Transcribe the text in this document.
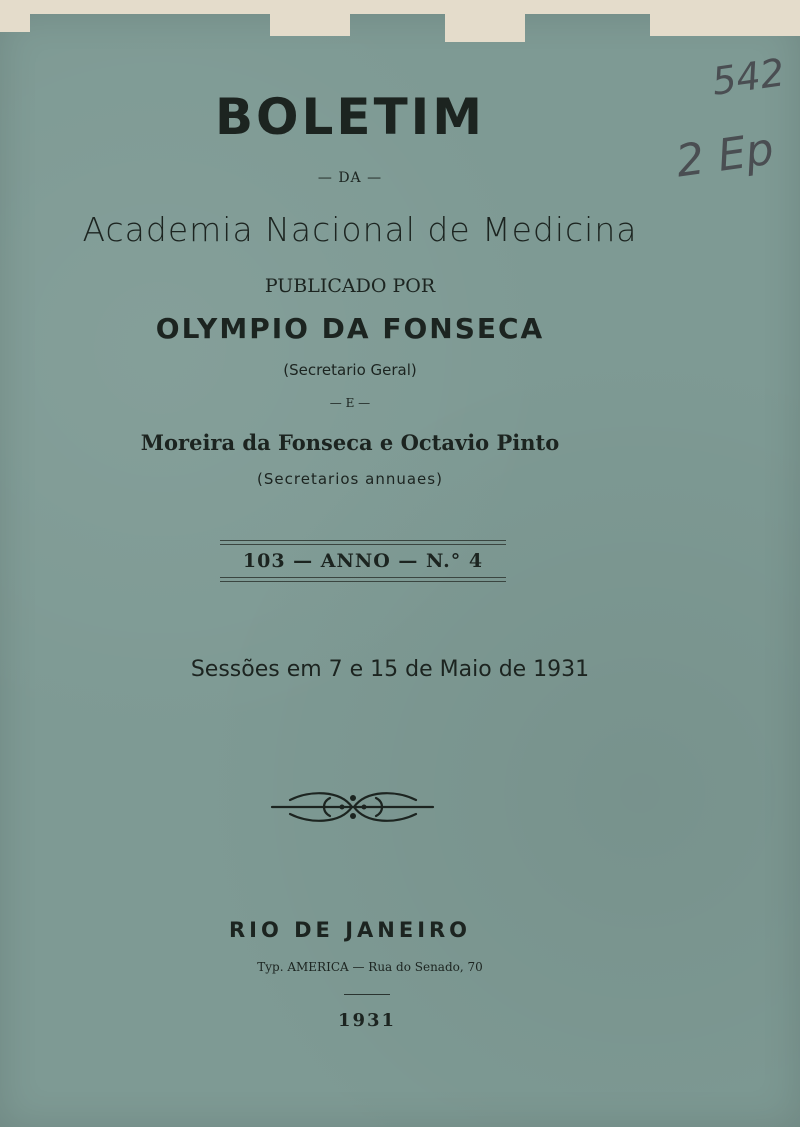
BOLETIM
— DA —
Academia Nacional de Medicina
PUBLICADO POR
OLYMPIO DA FONSECA
(Secretario Geral)
— E —
Moreira da Fonseca e Octavio Pinto
(Secretarios annuaes)
103 — ANNO — N.° 4
Sessões em 7 e 15 de Maio de 1931
RIO DE JANEIRO
Typ. AMERICA — Rua do Senado, 70
1931
542
2 Ep
